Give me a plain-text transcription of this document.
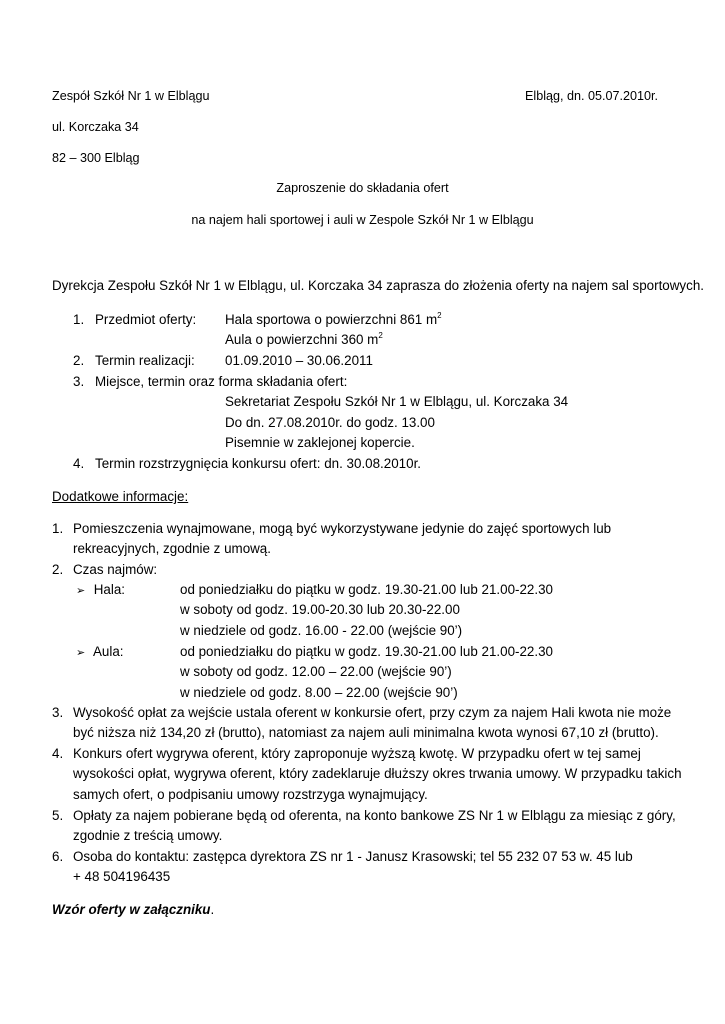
Zespół Szkół Nr 1 w Elblągu	Elbląg, dn. 05.07.2010r.
ul. Korczaka 34
82 – 300 Elbląg
Zaproszenie do składania ofert
na najem hali sportowej i auli w Zespole Szkół Nr 1 w Elblągu
Dyrekcja Zespołu Szkół Nr 1 w Elblągu, ul. Korczaka 34 zaprasza do złożenia oferty na najem sal sportowych.
1. Przedmiot oferty: Hala sportowa o powierzchni 861 $m^2$
Aula o powierzchni 360 $m^2$
2. Termin realizacji: 01.09.2010 – 30.06.2011
3. Miejsce, termin oraz forma składania ofert:
Sekretariat Zespołu Szkół Nr 1 w Elblągu, ul. Korczaka 34
Do dn. 27.08.2010r. do godz. 13.00
Pisemnie w zaklejonej kopercie.
4. Termin rozstrzygnięcia konkursu ofert: dn. 30.08.2010r.
Dodatkowe informacje:
1. Pomieszczenia wynajmowane, mogą być wykorzystywane jedynie do zajęć sportowych lub
rekreacyjnych, zgodnie z umową.
2. Czas najmów:
➢ Hala:	od poniedziałku do piątku w godz. 19.30-21.00 lub 21.00-22.30
w soboty od godz. 19.00-20.30 lub 20.30-22.00
w niedziele od godz. 16.00 - 22.00 (wejście 90’)
➢ Aula:	od poniedziałku do piątku w godz. 19.30-21.00 lub 21.00-22.30
w soboty od godz. 12.00 – 22.00 (wejście 90’)
w niedziele od godz. 8.00 – 22.00 (wejście 90’)
3. Wysokość opłat za wejście ustala oferent w konkursie ofert, przy czym za najem Hali kwota nie może
być niższa niż 134,20 zł (brutto), natomiast za najem auli minimalna kwota wynosi 67,10 zł (brutto).
4. Konkurs ofert wygrywa oferent, który zaproponuje wyższą kwotę. W przypadku ofert w tej samej
wysokości opłat, wygrywa oferent, który zadeklaruje dłuższy okres trwania umowy. W przypadku takich
samych ofert, o podpisaniu umowy rozstrzyga wynajmujący.
5. Opłaty za najem pobierane będą od oferenta, na konto bankowe ZS Nr 1 w Elblągu za miesiąc z góry,
zgodnie z treścią umowy.
6. Osoba do kontaktu: zastępca dyrektora ZS nr 1 - Janusz Krasowski; tel 55 232 07 53 w. 45 lub
+ 48 504196435
Wzór oferty w załączniku.
